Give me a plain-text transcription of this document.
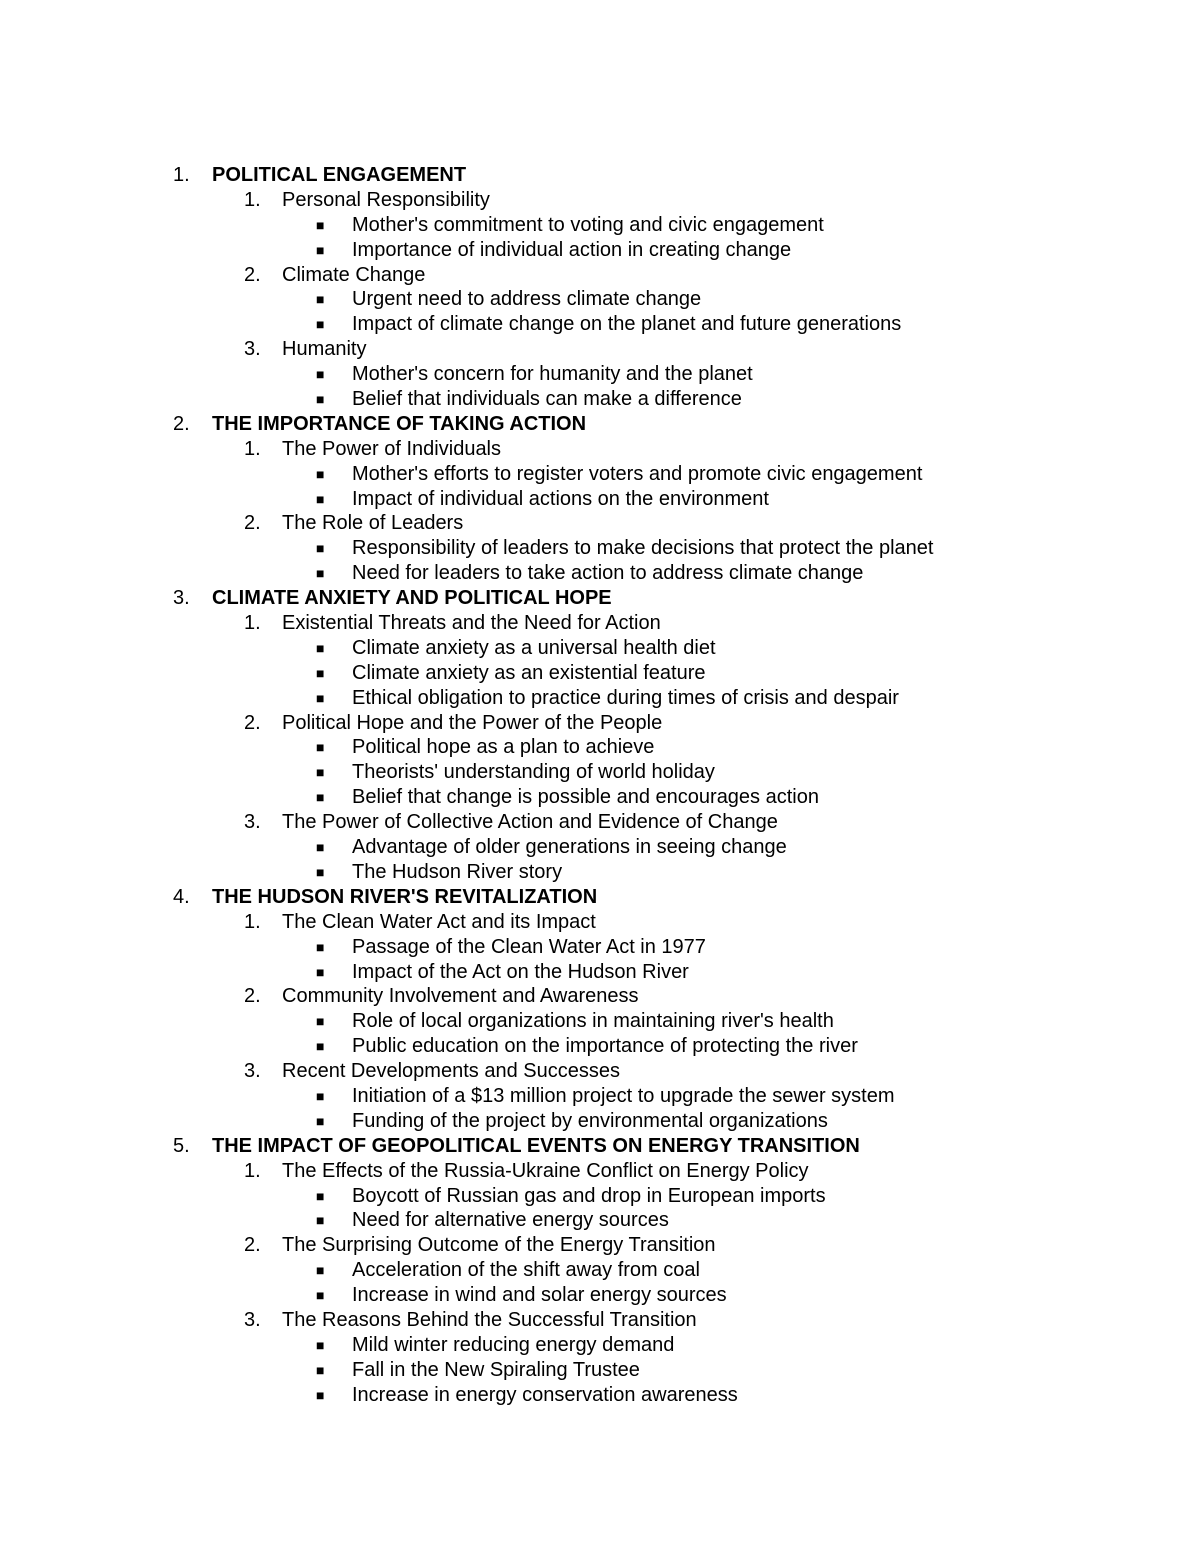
1.	POLITICAL ENGAGEMENT
1.	Personal Responsibility
■ Mother's commitment to voting and civic engagement
■ Importance of individual action in creating change
2.	Climate Change
■ Urgent need to address climate change
■ Impact of climate change on the planet and future generations
3.	Humanity
■ Mother's concern for humanity and the planet
■ Belief that individuals can make a difference
2.	THE IMPORTANCE OF TAKING ACTION
1.	The Power of Individuals
■ Mother's efforts to register voters and promote civic engagement
■ Impact of individual actions on the environment
2.	The Role of Leaders
■ Responsibility of leaders to make decisions that protect the planet
■ Need for leaders to take action to address climate change
3.	CLIMATE ANXIETY AND POLITICAL HOPE
1.	Existential Threats and the Need for Action
■ Climate anxiety as a universal health diet
■ Climate anxiety as an existential feature
■ Ethical obligation to practice during times of crisis and despair
2.	Political Hope and the Power of the People
■ Political hope as a plan to achieve
■ Theorists' understanding of world holiday
■ Belief that change is possible and encourages action
3.	The Power of Collective Action and Evidence of Change
■ Advantage of older generations in seeing change
■ The Hudson River story
4.	THE HUDSON RIVER'S REVITALIZATION
1.	The Clean Water Act and its Impact
■ Passage of the Clean Water Act in 1977
■ Impact of the Act on the Hudson River
2.	Community Involvement and Awareness
■ Role of local organizations in maintaining river's health
■ Public education on the importance of protecting the river
3.	Recent Developments and Successes
■ Initiation of a $13 million project to upgrade the sewer system
■ Funding of the project by environmental organizations
5.	THE IMPACT OF GEOPOLITICAL EVENTS ON ENERGY TRANSITION
1.	The Effects of the Russia-Ukraine Conflict on Energy Policy
■ Boycott of Russian gas and drop in European imports
■ Need for alternative energy sources
2.	The Surprising Outcome of the Energy Transition
■ Acceleration of the shift away from coal
■ Increase in wind and solar energy sources
3.	The Reasons Behind the Successful Transition
■ Mild winter reducing energy demand
■ Fall in the New Spiraling Trustee
■ Increase in energy conservation awareness
